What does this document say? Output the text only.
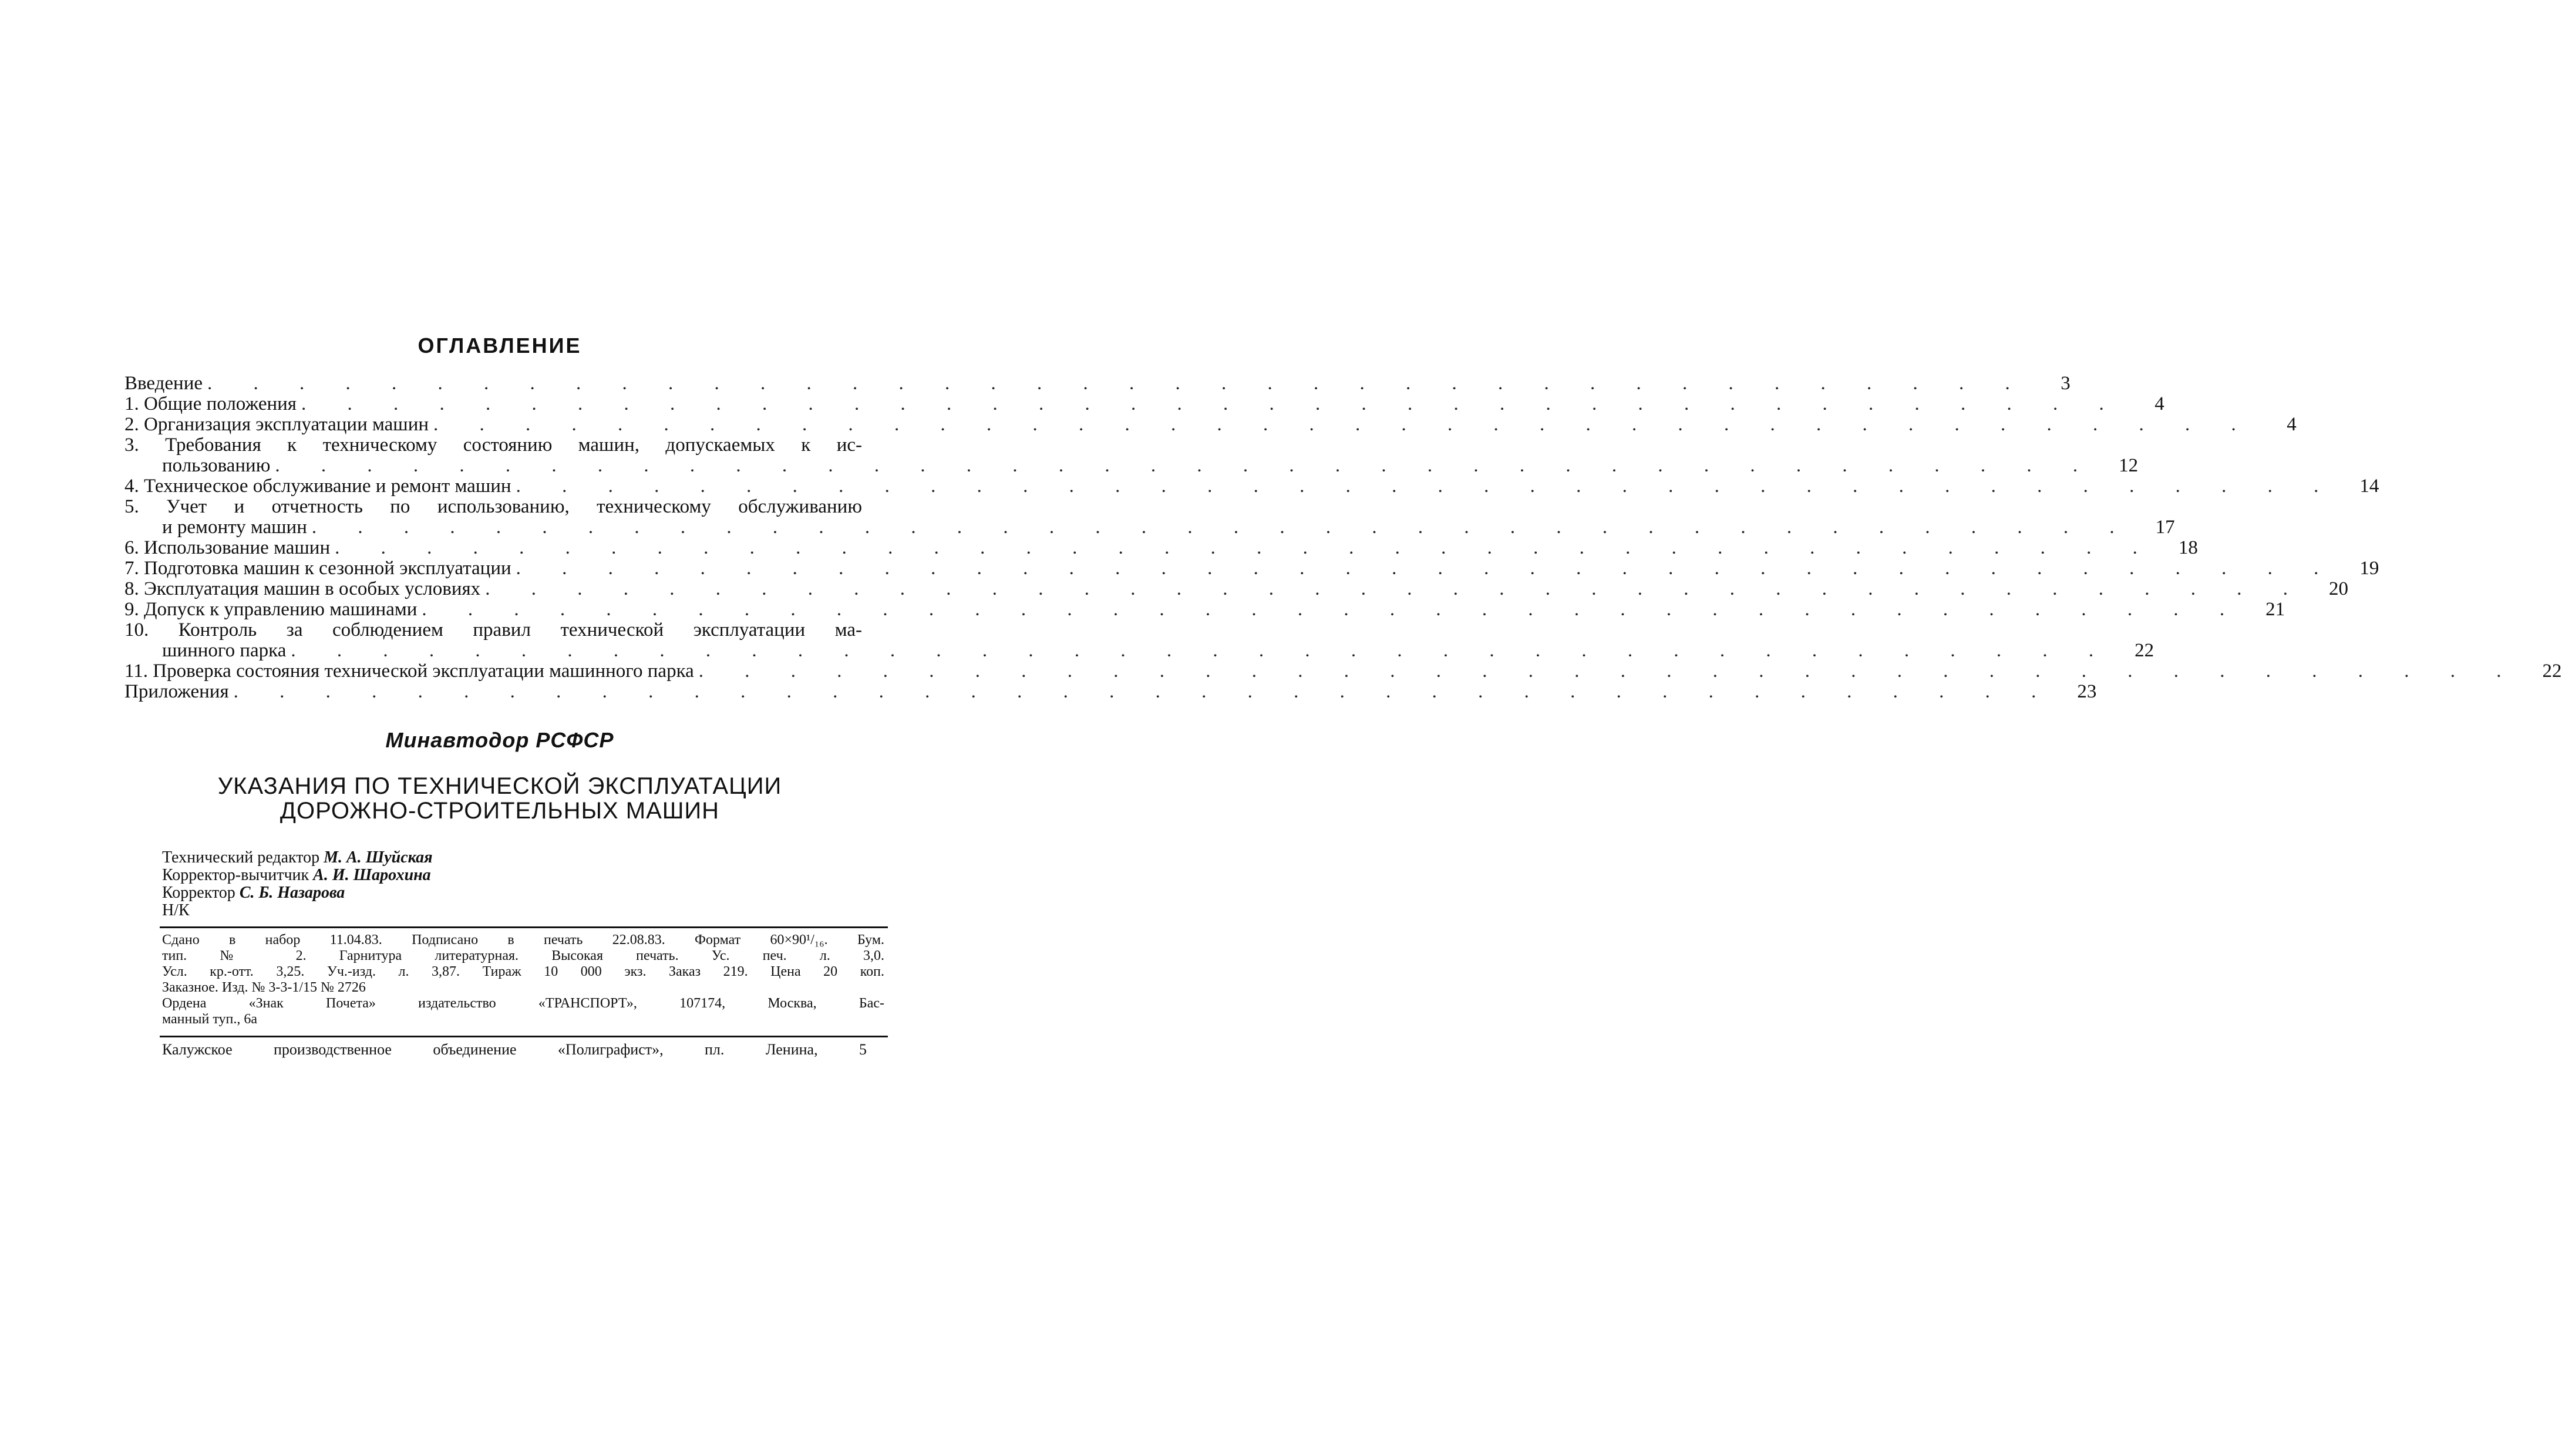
ОГЛАВЛЕНИЕ
Введение . . . . . . . . . . . . . . . . . . . . . . . . . . . . . . . . . . . . . . . .	3
1. Общие положения . . . . . . . . . . . . . . . . . . . . . . . . . . . . . . . . . . . . . . . .	4
2. Организация эксплуатации машин . . . . . . . . . . . . . . . . . . . . . . . . . . . . . . . . . . . . . . . .	4
3. Требования к техническому состоянию машин, допускаемых к ис-
пользованию . . . . . . . . . . . . . . . . . . . . . . . . . . . . . . . . . . . . . . . .	12
4. Техническое обслуживание и ремонт машин . . . . . . . . . . . . . . . . . . . . . . . . . . . . . . . . . . . . . . . .	14
5. Учет и отчетность по использованию, техническому обслуживанию
и ремонту машин . . . . . . . . . . . . . . . . . . . . . . . . . . . . . . . . . . . . . . . .	17
6. Использование машин . . . . . . . . . . . . . . . . . . . . . . . . . . . . . . . . . . . . . . . .	18
7. Подготовка машин к сезонной эксплуатации . . . . . . . . . . . . . . . . . . . . . . . . . . . . . . . . . . . . . . . .	19
8. Эксплуатация машин в особых условиях . . . . . . . . . . . . . . . . . . . . . . . . . . . . . . . . . . . . . . . .	20
9. Допуск к управлению машинами . . . . . . . . . . . . . . . . . . . . . . . . . . . . . . . . . . . . . . . .	21
10. Контроль за соблюдением правил технической эксплуатации ма-
шинного парка . . . . . . . . . . . . . . . . . . . . . . . . . . . . . . . . . . . . . . . .	22
11. Проверка состояния технической эксплуатации машинного парка . . . . . . . . . . . . . . . . . . . . . . . . . . . . . . . . . . . . . . . .	22
Приложения . . . . . . . . . . . . . . . . . . . . . . . . . . . . . . . . . . . . . . . .	23
Минавтодор РСФСР
УКАЗАНИЯ ПО ТЕХНИЧЕСКОЙ ЭКСПЛУАТАЦИИ
ДОРОЖНО-СТРОИТЕЛЬНЫХ МАШИН
Технический редактор М. А. Шуйская
Корректор-вычитчик А. И. Шарохина
Корректор С. Б. Назарова
Н/К
Сдано в набор 11.04.83. Подписано в печать 22.08.83. Формат 60×90¹/₁₆. Бум.
тип. № 2. Гарнитура литературная. Высокая печать. Ус. печ. л. 3,0.
Усл. кр.-отт. 3,25. Уч.-изд. л. 3,87. Тираж 10 000 экз. Заказ 219. Цена 20 коп.
Заказное. Изд. № 3-3-1/15 № 2726
Ордена «Знак Почета» издательство «ТРАНСПОРТ», 107174, Москва, Бас-
манный туп., 6а
Калужское производственное объединение «Полиграфист», пл. Ленина, 5
